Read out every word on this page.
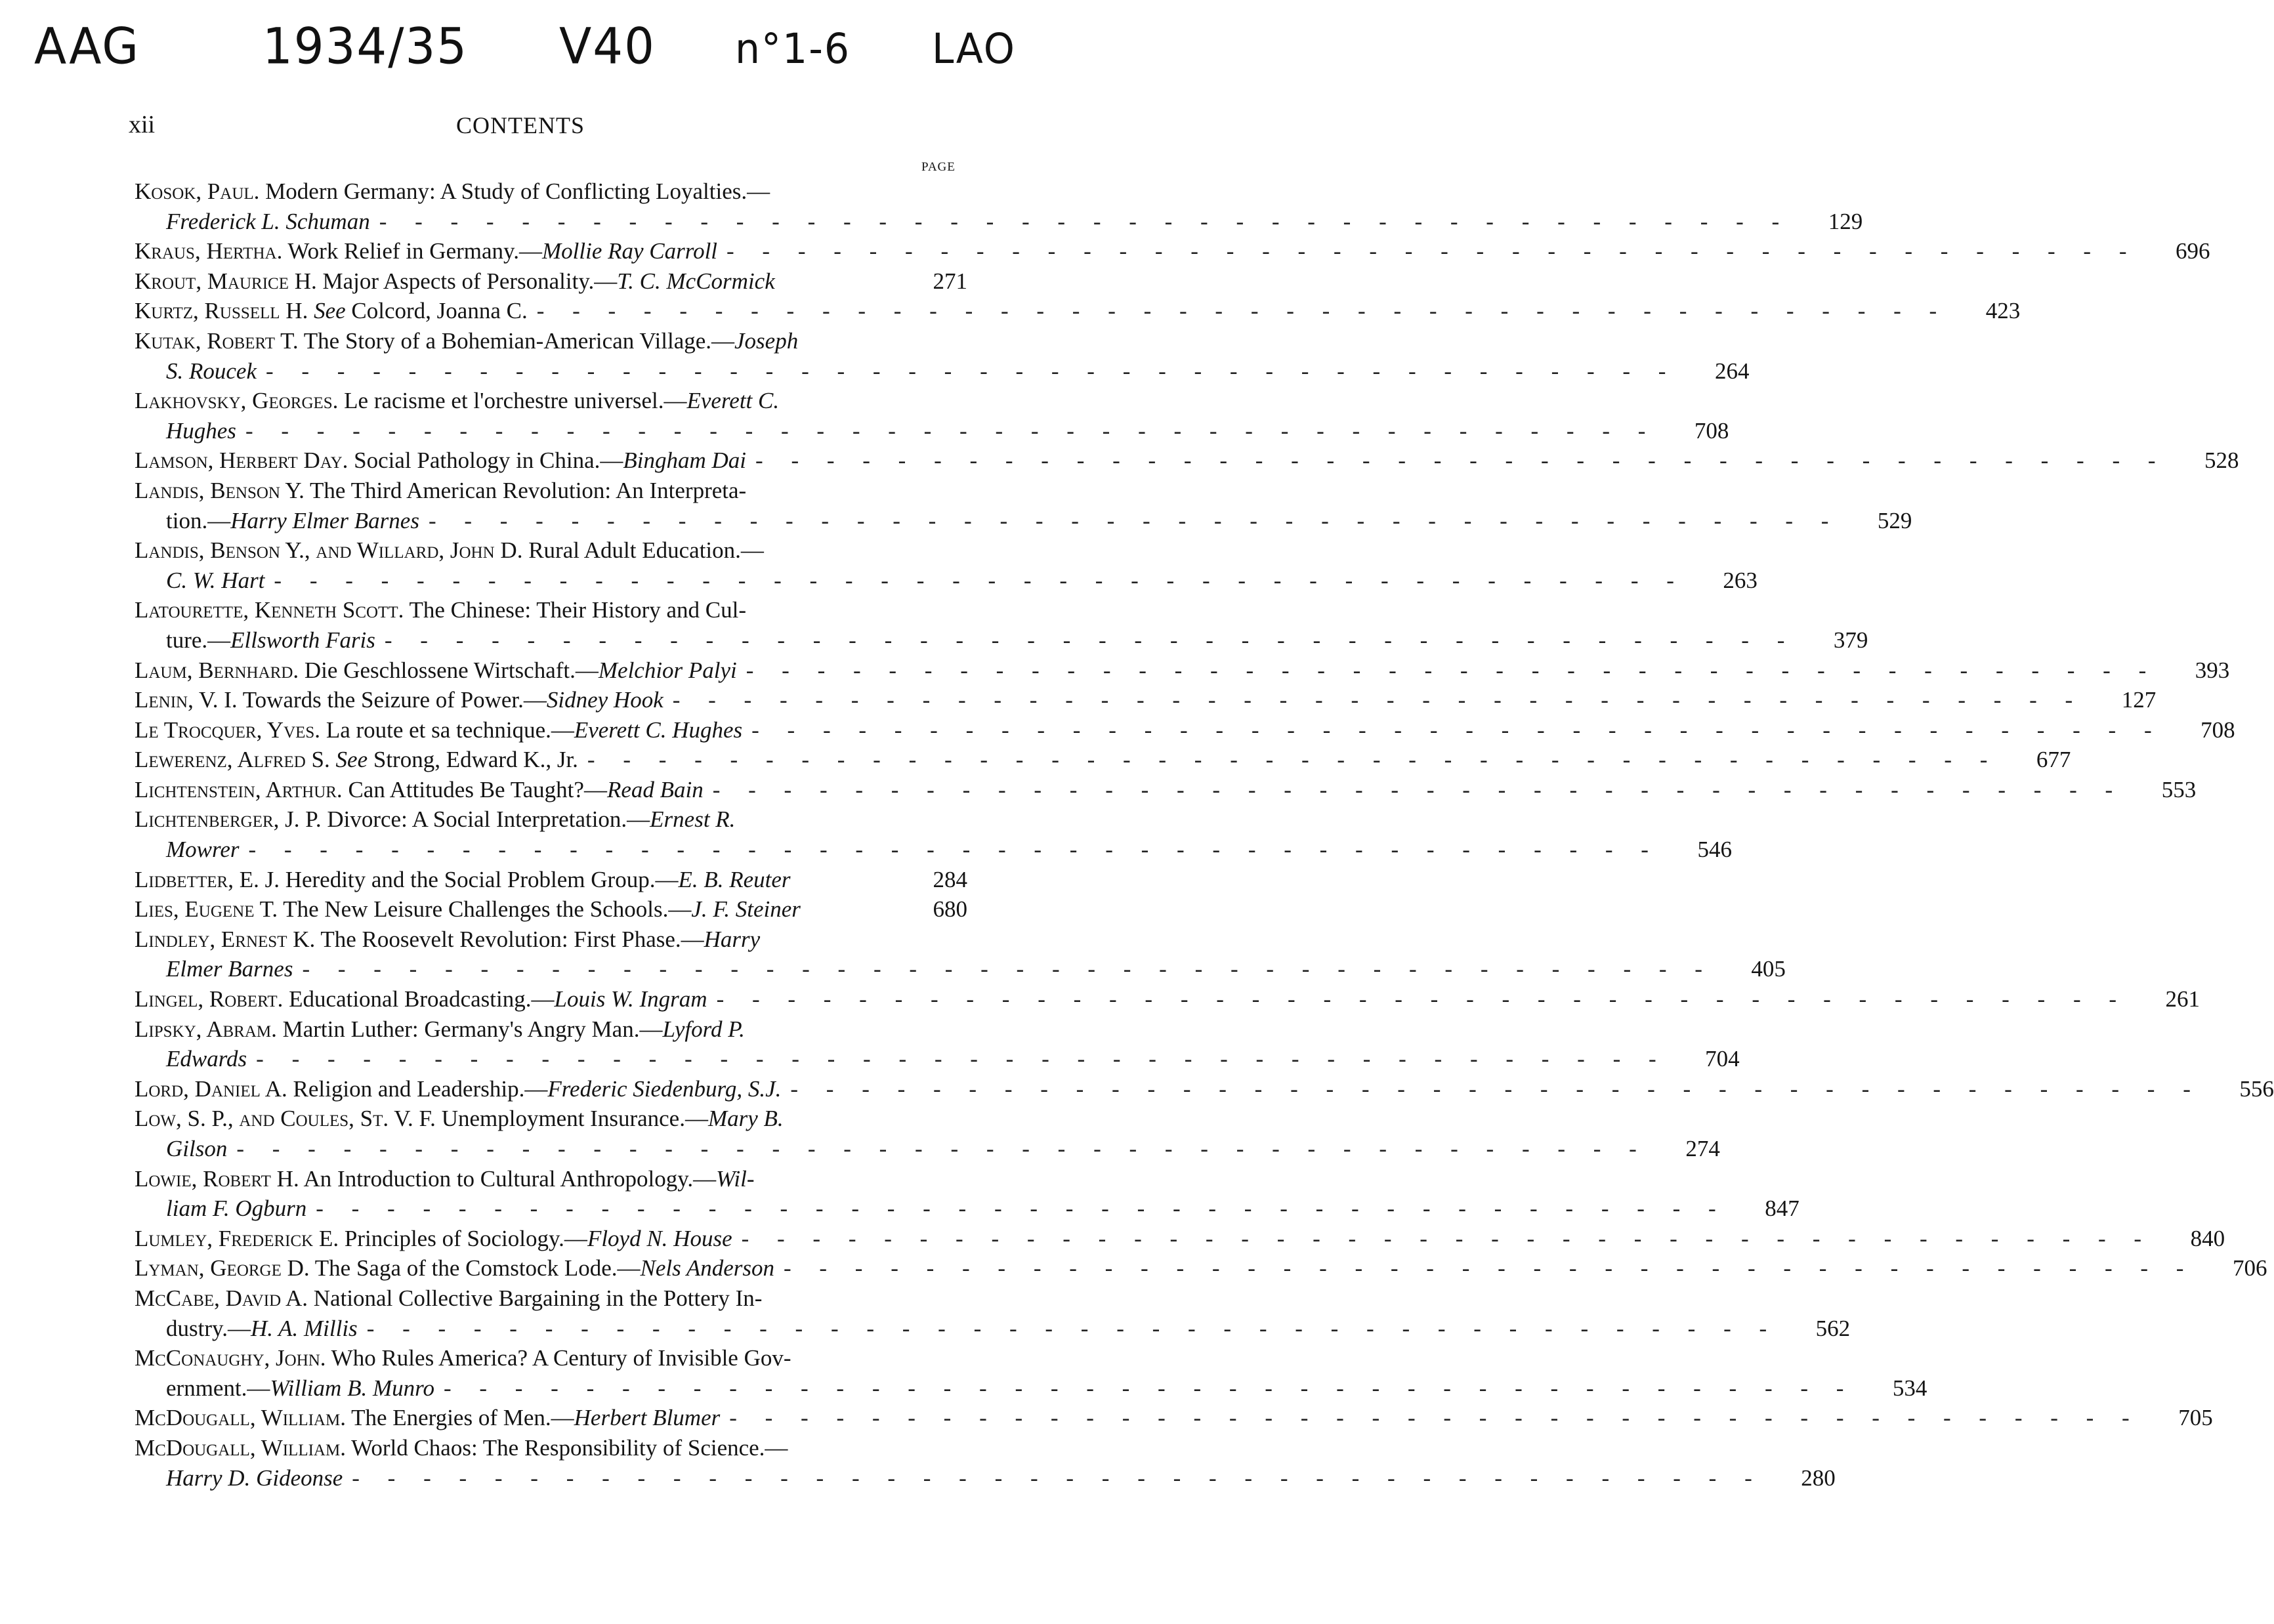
AAG	1934/35 V40 n°1-6 LAO
xii	CONTENTS
PAGE
Kosok, Paul. Modern Germany: A Study of Conflicting Loyalties.—
Frederick L. Schuman - - - - - - - - - - - - - - - - - - - - - - - - - - - - - - - - - - - - - - - -	129
Kraus, Hertha. Work Relief in Germany.—Mollie Ray Carroll - - - - - - - - - - - - - - - - - - - - - - - - - - - - - - - - - - - - - - - -	696
Krout, Maurice H. Major Aspects of Personality.—T. C. McCormick	271
Kurtz, Russell H. See Colcord, Joanna C. - - - - - - - - - - - - - - - - - - - - - - - - - - - - - - - - - - - - - - - -	423
Kutak, Robert T. The Story of a Bohemian-American Village.—Joseph
S. Roucek - - - - - - - - - - - - - - - - - - - - - - - - - - - - - - - - - - - - - - - -	264
Lakhovsky, Georges. Le racisme et l'orchestre universel.—Everett C.
Hughes - - - - - - - - - - - - - - - - - - - - - - - - - - - - - - - - - - - - - - - -	708
Lamson, Herbert Day. Social Pathology in China.—Bingham Dai - - - - - - - - - - - - - - - - - - - - - - - - - - - - - - - - - - - - - - - -	528
Landis, Benson Y. The Third American Revolution: An Interpreta-
tion.—Harry Elmer Barnes - - - - - - - - - - - - - - - - - - - - - - - - - - - - - - - - - - - - - - - -	529
Landis, Benson Y., and Willard, John D. Rural Adult Education.—
C. W. Hart - - - - - - - - - - - - - - - - - - - - - - - - - - - - - - - - - - - - - - - -	263
Latourette, Kenneth Scott. The Chinese: Their History and Cul-
ture.—Ellsworth Faris - - - - - - - - - - - - - - - - - - - - - - - - - - - - - - - - - - - - - - - -	379
Laum, Bernhard. Die Geschlossene Wirtschaft.—Melchior Palyi - - - - - - - - - - - - - - - - - - - - - - - - - - - - - - - - - - - - - - - -	393
Lenin, V. I. Towards the Seizure of Power.—Sidney Hook - - - - - - - - - - - - - - - - - - - - - - - - - - - - - - - - - - - - - - - -	127
Le Trocquer, Yves. La route et sa technique.—Everett C. Hughes - - - - - - - - - - - - - - - - - - - - - - - - - - - - - - - - - - - - - - - -	708
Lewerenz, Alfred S. See Strong, Edward K., Jr. - - - - - - - - - - - - - - - - - - - - - - - - - - - - - - - - - - - - - - - -	677
Lichtenstein, Arthur. Can Attitudes Be Taught?—Read Bain - - - - - - - - - - - - - - - - - - - - - - - - - - - - - - - - - - - - - - - -	553
Lichtenberger, J. P. Divorce: A Social Interpretation.—Ernest R.
Mowrer - - - - - - - - - - - - - - - - - - - - - - - - - - - - - - - - - - - - - - - -	546
Lidbetter, E. J. Heredity and the Social Problem Group.—E. B. Reuter	284
Lies, Eugene T. The New Leisure Challenges the Schools.—J. F. Steiner	680
Lindley, Ernest K. The Roosevelt Revolution: First Phase.—Harry
Elmer Barnes - - - - - - - - - - - - - - - - - - - - - - - - - - - - - - - - - - - - - - - -	405
Lingel, Robert. Educational Broadcasting.—Louis W. Ingram - - - - - - - - - - - - - - - - - - - - - - - - - - - - - - - - - - - - - - - -	261
Lipsky, Abram. Martin Luther: Germany's Angry Man.—Lyford P.
Edwards - - - - - - - - - - - - - - - - - - - - - - - - - - - - - - - - - - - - - - - -	704
Lord, Daniel A. Religion and Leadership.—Frederic Siedenburg, S.J. - - - - - - - - - - - - - - - - - - - - - - - - - - - - - - - - - - - - - - - -	556
Low, S. P., and Coules, St. V. F. Unemployment Insurance.—Mary B.
Gilson - - - - - - - - - - - - - - - - - - - - - - - - - - - - - - - - - - - - - - - -	274
Lowie, Robert H. An Introduction to Cultural Anthropology.—Wil-
liam F. Ogburn - - - - - - - - - - - - - - - - - - - - - - - - - - - - - - - - - - - - - - - -	847
Lumley, Frederick E. Principles of Sociology.—Floyd N. House - - - - - - - - - - - - - - - - - - - - - - - - - - - - - - - - - - - - - - - -	840
Lyman, George D. The Saga of the Comstock Lode.—Nels Anderson - - - - - - - - - - - - - - - - - - - - - - - - - - - - - - - - - - - - - - - -	706
McCabe, David A. National Collective Bargaining in the Pottery In-
dustry.—H. A. Millis - - - - - - - - - - - - - - - - - - - - - - - - - - - - - - - - - - - - - - - -	562
McConaughy, John. Who Rules America? A Century of Invisible Gov-
ernment.—William B. Munro - - - - - - - - - - - - - - - - - - - - - - - - - - - - - - - - - - - - - - - -	534
McDougall, William. The Energies of Men.—Herbert Blumer - - - - - - - - - - - - - - - - - - - - - - - - - - - - - - - - - - - - - - - -	705
McDougall, William. World Chaos: The Responsibility of Science.—
Harry D. Gideonse - - - - - - - - - - - - - - - - - - - - - - - - - - - - - - - - - - - - - - - -	280
